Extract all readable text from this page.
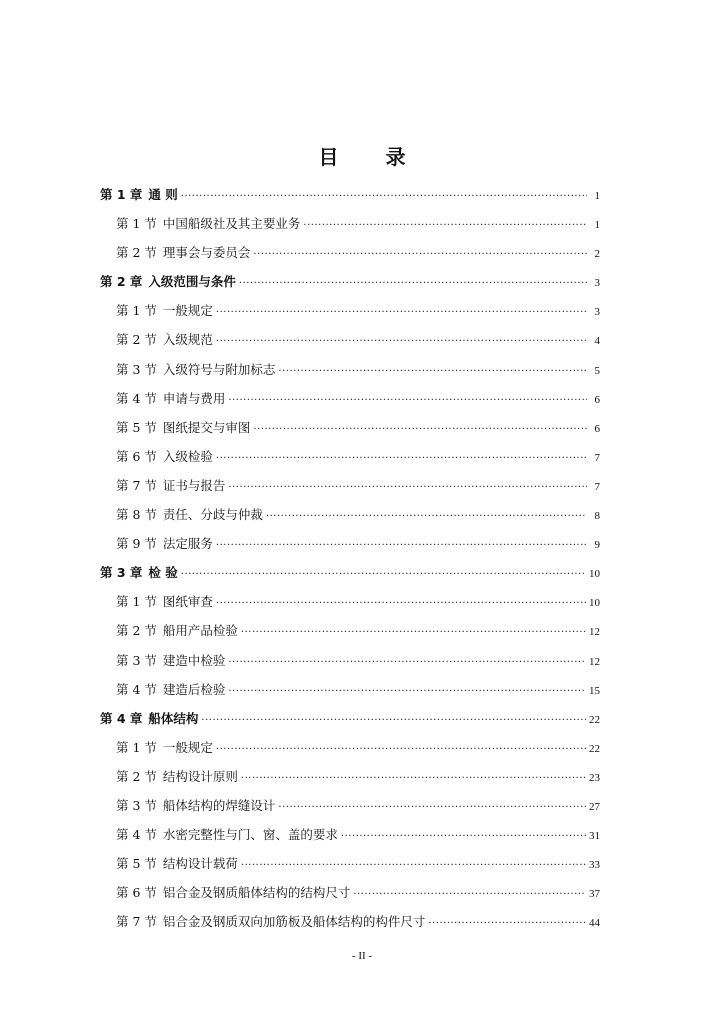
目 录
第 1 章 通 则 ·····	1
第 1 节 中国船级社及其主要业务 ·····	1
第 2 节 理事会与委员会 ·····	2
第 2 章 入级范围与条件 ·····	3
第 1 节 一般规定 ·····	3
第 2 节 入级规范 ·····	4
第 3 节 入级符号与附加标志 ·····	5
第 4 节 申请与费用 ·····	6
第 5 节 图纸提交与审图 ·····	6
第 6 节 入级检验 ·····	7
第 7 节 证书与报告 ·····	7
第 8 节 责任、分歧与仲裁 ·····	8
第 9 节 法定服务 ·····	9
第 3 章 检 验 ·····	10
第 1 节 图纸审查 ·····	10
第 2 节 船用产品检验 ·····	12
第 3 节 建造中检验 ·····	12
第 4 节 建造后检验 ·····	15
第 4 章 船体结构 ·····	22
第 1 节 一般规定 ·····	22
第 2 节 结构设计原则 ·····	23
第 3 节 船体结构的焊缝设计 ·····	27
第 4 节 水密完整性与门、窗、盖的要求 ·····	31
第 5 节 结构设计载荷 ·····	33
第 6 节 铝合金及钢质船体结构的结构尺寸 ·····	37
第 7 节 铝合金及钢质双向加筋板及船体结构的构件尺寸 ·····	44
- II -
